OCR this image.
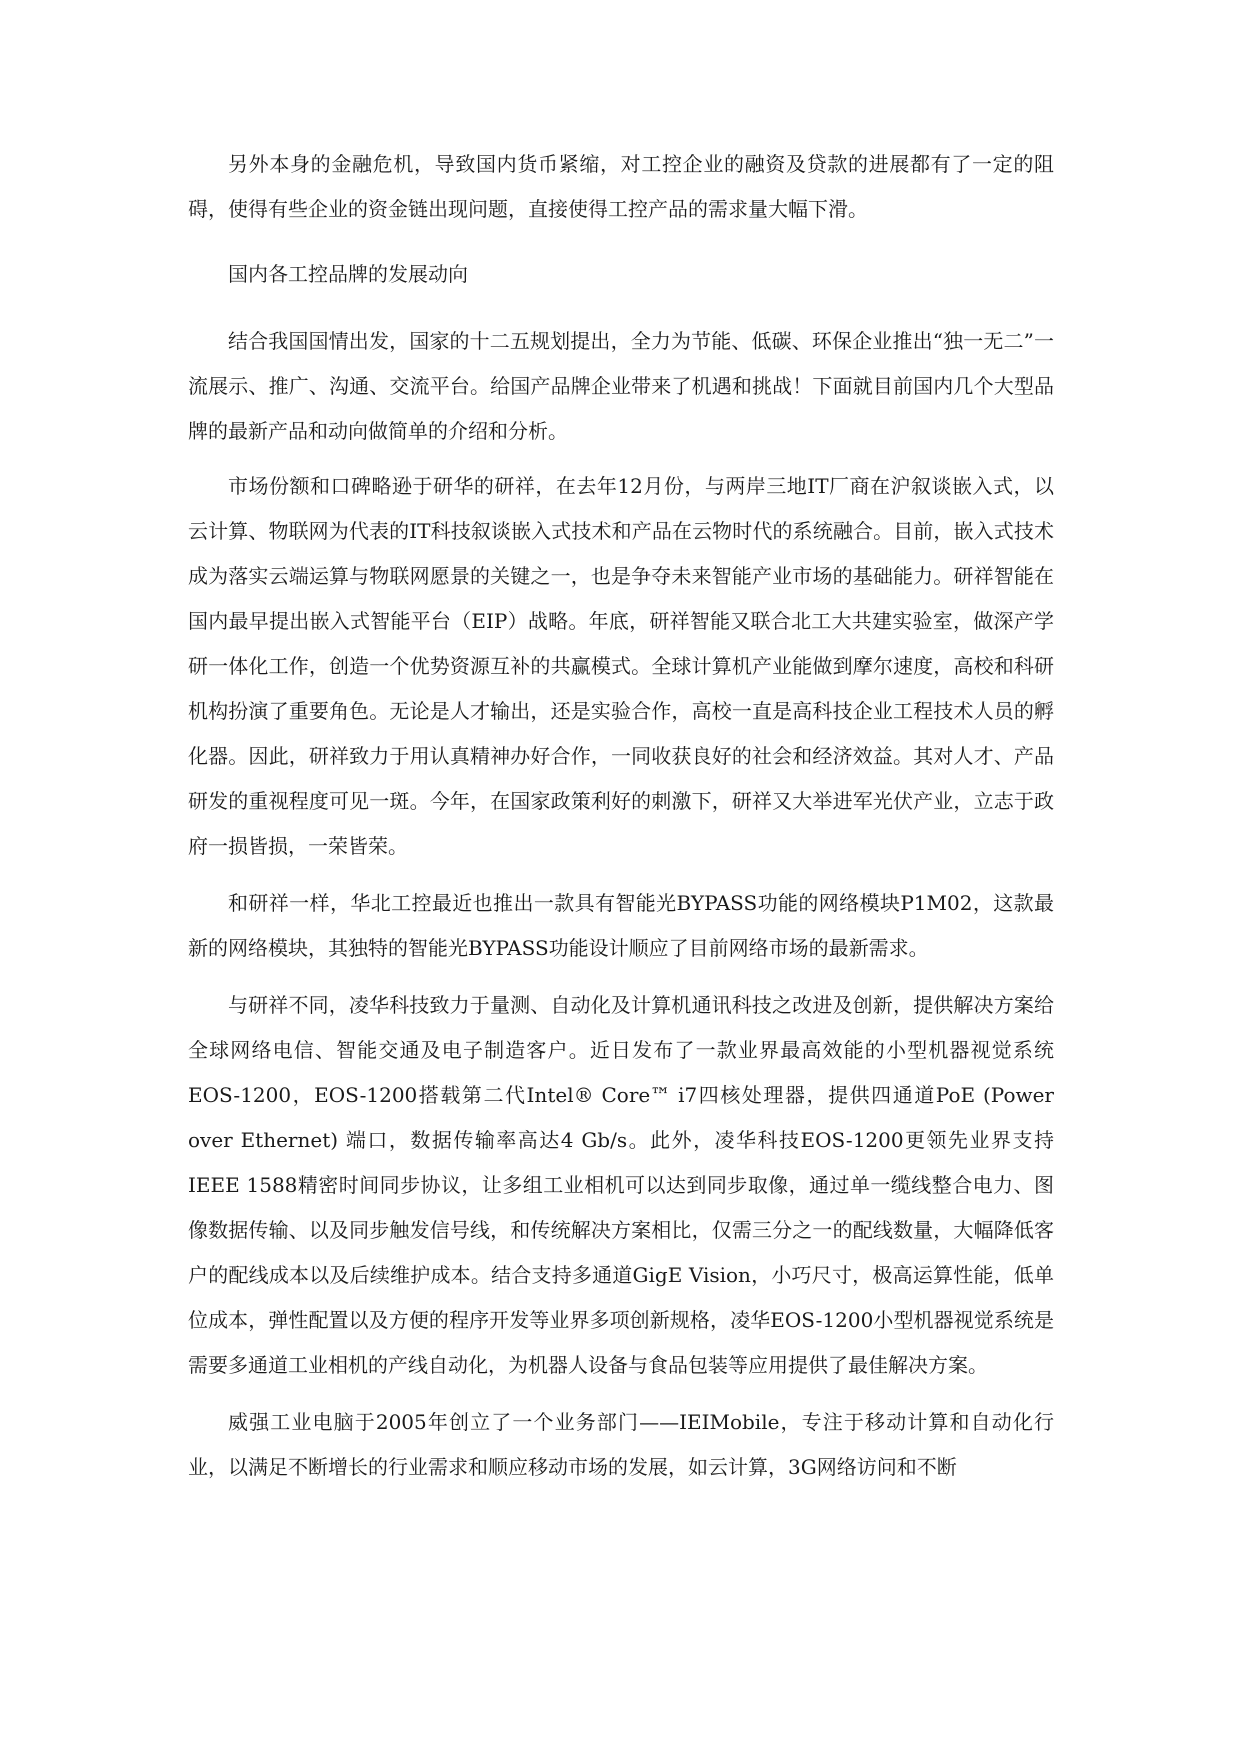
另外本身的金融危机，导致国内货币紧缩，对工控企业的融资及贷款的进展都有了一定的阻碍，使得有些企业的资金链出现问题，直接使得工控产品的需求量大幅下滑。

国内各工控品牌的发展动向

结合我国国情出发，国家的十二五规划提出，全力为节能、低碳、环保企业推出“独一无二”一流展示、推广、沟通、交流平台。给国产品牌企业带来了机遇和挑战！下面就目前国内几个大型品牌的最新产品和动向做简单的介绍和分析。

市场份额和口碑略逊于研华的研祥，在去年12月份，与两岸三地IT厂商在沪叙谈嵌入式，以云计算、物联网为代表的IT科技叙谈嵌入式技术和产品在云物时代的系统融合。目前，嵌入式技术成为落实云端运算与物联网愿景的关键之一，也是争夺未来智能产业市场的基础能力。研祥智能在国内最早提出嵌入式智能平台（EIP）战略。年底，研祥智能又联合北工大共建实验室，做深产学研一体化工作，创造一个优势资源互补的共赢模式。全球计算机产业能做到摩尔速度，高校和科研机构扮演了重要角色。无论是人才输出，还是实验合作，高校一直是高科技企业工程技术人员的孵化器。因此，研祥致力于用认真精神办好合作，一同收获良好的社会和经济效益。其对人才、产品研发的重视程度可见一斑。今年，在国家政策利好的刺激下，研祥又大举进军光伏产业，立志于政府一损皆损，一荣皆荣。

和研祥一样，华北工控最近也推出一款具有智能光BYPASS功能的网络模块P1M02，这款最新的网络模块，其独特的智能光BYPASS功能设计顺应了目前网络市场的最新需求。

与研祥不同，凌华科技致力于量测、自动化及计算机通讯科技之改进及创新，提供解决方案给全球网络电信、智能交通及电子制造客户。近日发布了一款业界最高效能的小型机器视觉系统EOS-1200，EOS-1200搭载第二代Intel® Core™ i7四核处理器，提供四通道PoE (Power over Ethernet) 端口，数据传输率高达4 Gb/s。此外，凌华科技EOS-1200更领先业界支持IEEE 1588精密时间同步协议，让多组工业相机可以达到同步取像，通过单一缆线整合电力、图像数据传输、以及同步触发信号线，和传统解决方案相比，仅需三分之一的配线数量，大幅降低客户的配线成本以及后续维护成本。结合支持多通道GigE Vision，小巧尺寸，极高运算性能，低单位成本，弹性配置以及方便的程序开发等业界多项创新规格，凌华EOS-1200小型机器视觉系统是需要多通道工业相机的产线自动化，为机器人设备与食品包装等应用提供了最佳解决方案。

威强工业电脑于2005年创立了一个业务部门——IEIMobile，专注于移动计算和自动化行业，以满足不断增长的行业需求和顺应移动市场的发展，如云计算，3G网络访问和不断
